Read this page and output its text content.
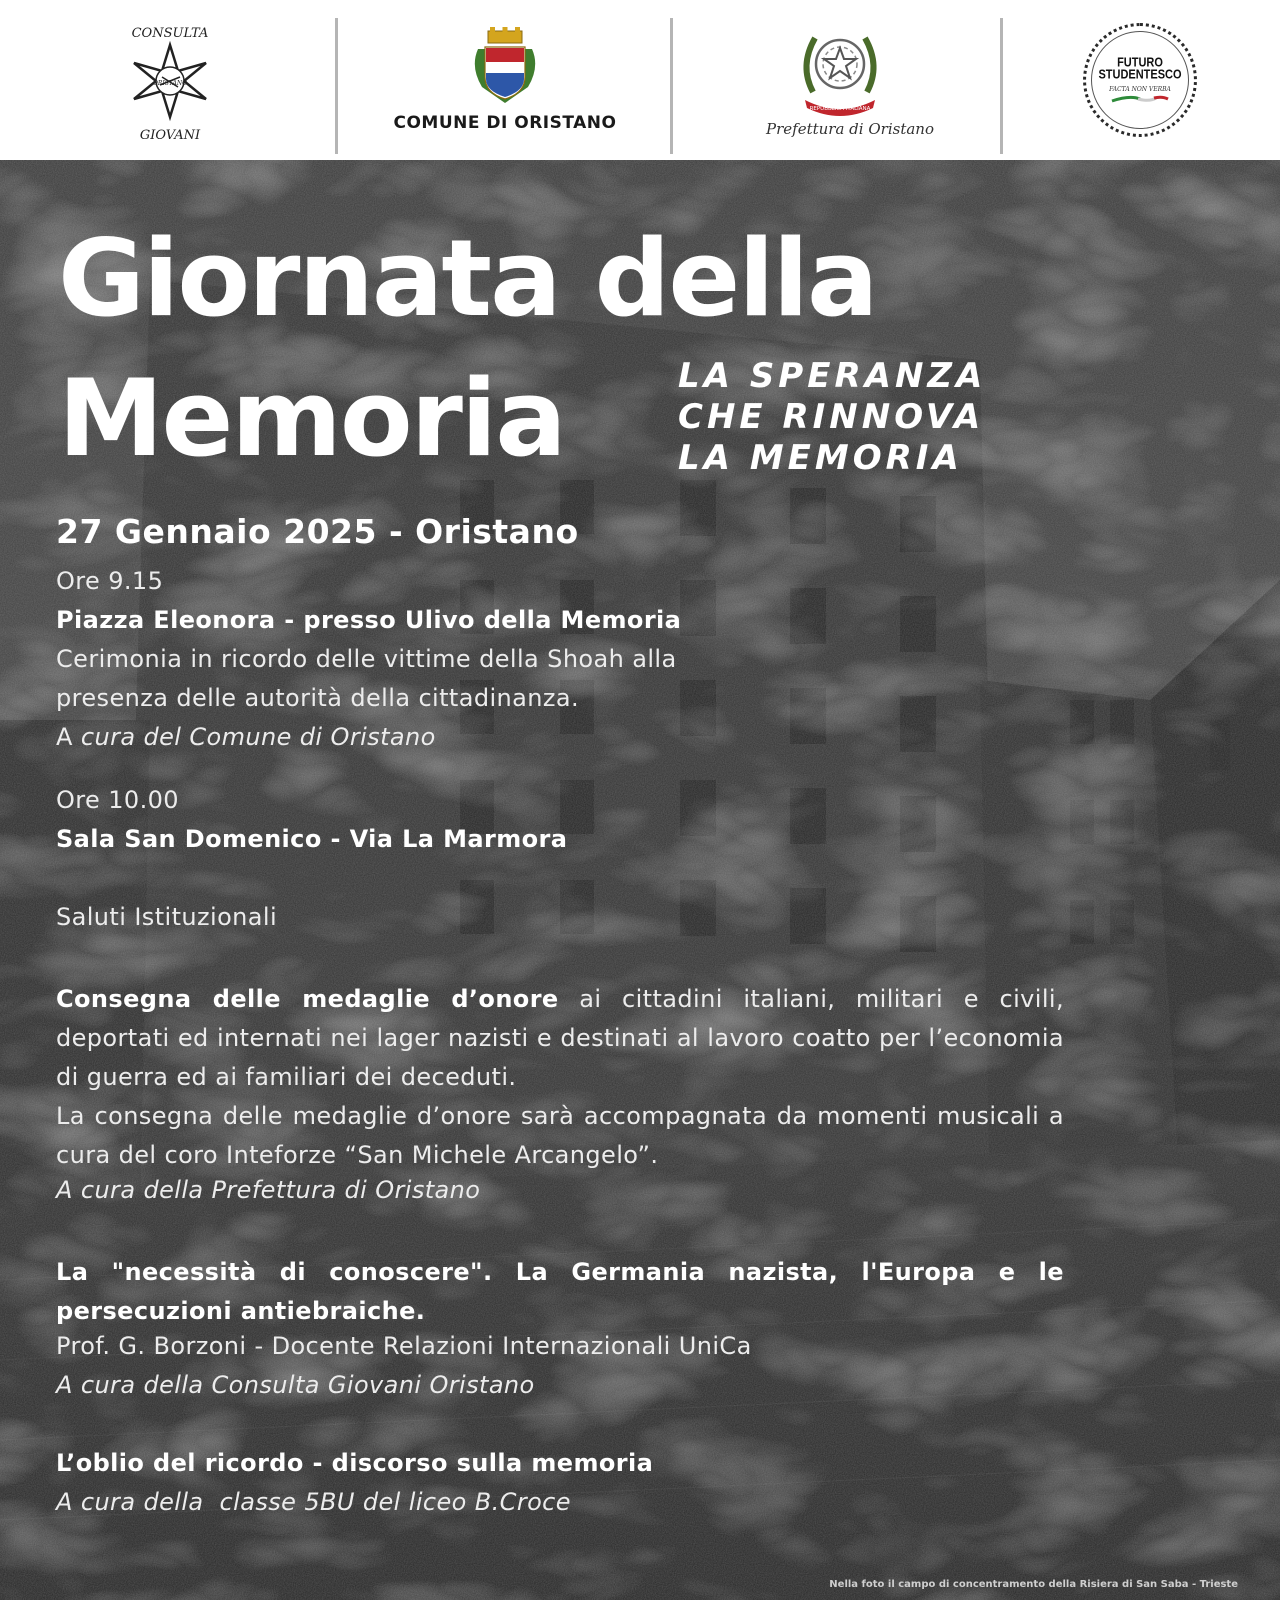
CONSULTA
ORISTANO
GIOVANI
COMUNE DI ORISTANO
REPUBBLICA ITALIANA
Prefettura di Oristano
FUTURO
STUDENTESCO
FACTA NON VERBA
Giornata della
Memoria	LA SPERANZA
CHE RINNOVA
LA MEMORIA
27 Gennaio 2025 - Oristano
Ore 9.15
Piazza Eleonora - presso Ulivo della Memoria
Cerimonia in ricordo delle vittime della Shoah alla
presenza delle autorità della cittadinanza.
A cura del Comune di Oristano
Ore 10.00
Sala San Domenico - Via La Marmora
Saluti Istituzionali
Consegna delle medaglie d’onore ai cittadini italiani, militari e civili, deportati ed internati nei lager nazisti e destinati al lavoro coatto per l’economia di guerra ed ai familiari dei deceduti.
La consegna delle medaglie d’onore sarà accompagnata da momenti musicali a cura del coro Inteforze “San Michele Arcangelo”.
A cura della Prefettura di Oristano
La "necessità di conoscere". La Germania nazista, l'Europa e le persecuzioni antiebraiche.
Prof. G. Borzoni - Docente Relazioni Internazionali UniCa
A cura della Consulta Giovani Oristano
L’oblio del ricordo - discorso sulla memoria
A cura della  classe 5BU del liceo B.Croce
Nella foto il campo di concentramento della Risiera di San Saba - Trieste
